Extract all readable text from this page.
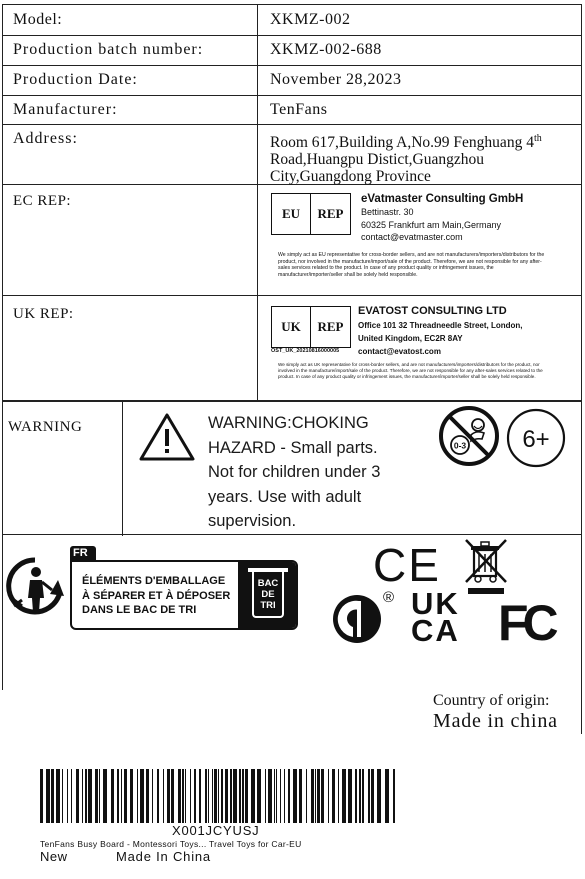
Model:	XKMZ-002
Production batch number:	XKMZ-002-688
Production Date:	November 28,2023
Manufacturer:	TenFans
Address:	Room 617,Building A,No.99 Fenghuang 4th
Road,Huangpu Distict,Guangzhou
City,Guangdong Province
EC REP:
EU	REP
eVatmaster Consulting GmbH
Bettinastr. 30
60325 Frankfurt am Main,Germany
contact@evatmaster.com
We simply act as EU representative for cross-border sellers, and are not manufacturers/importers/distributors for the product, nor involved in the manufacture/import/sale of the product. Therefore, we are not responsible for any after-sales services related to the product. In case of any product quality or infringement issues, the manufacturer/importer/seller shall be solely held responsible.
UK REP:
UK	REP
OST_UK_20210816000005
EVATOST CONSULTING LTD
Office 101 32 Threadneedle Street, London,
United Kingdom, EC2R 8AY
contact@evatost.com
We simply act as UK representative for cross-border sellers, and are not manufacturers/importers/distributors for the product, nor involved in the manufacture/import/sale of the product. Therefore, we are not responsible for any after-sales services related to the product. In case of any product quality or infringement issues, the manufacturer/importer/seller shall be solely held responsible.
WARNING	WARNING:CHOKING
HAZARD - Small parts.
Not for children under 3
years. Use with adult
supervision.
0-3 6+
FR
ÉLÉMENTS D'EMBALLAGE
À SÉPARER ET À DÉPOSER
DANS LE BAC DE TRI
BAC
DE
TRI
CE
® UK
CA FC
Country of origin:
Made in china
X001JCYUSJ
TenFans Busy Board - Montessori Toys... Travel Toys for Car-EU
New	Made In China
